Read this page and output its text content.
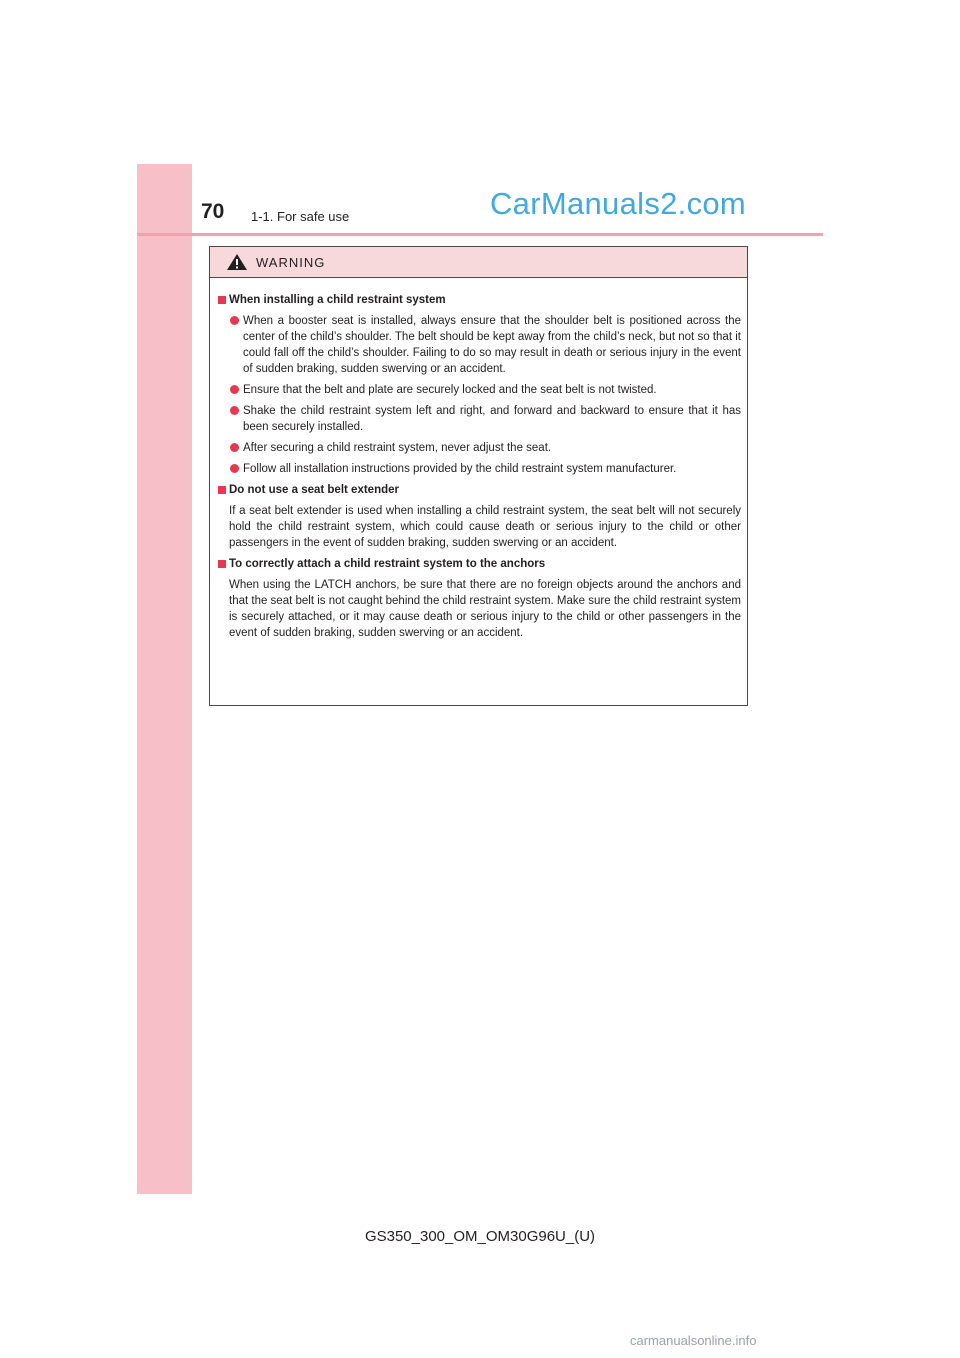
70 1-1. For safe use	CarManuals2.com
WARNING
When installing a child restraint system
When a booster seat is installed, always ensure that the shoulder belt is positioned across the center of the child’s shoulder. The belt should be kept away from the child’s neck, but not so that it could fall off the child’s shoulder. Failing to do so may result in death or serious injury in the event of sudden braking, sudden swerving or an accident.
Ensure that the belt and plate are securely locked and the seat belt is not twisted.
Shake the child restraint system left and right, and forward and backward to ensure that it has been securely installed.
After securing a child restraint system, never adjust the seat.
Follow all installation instructions provided by the child restraint system manufacturer.
Do not use a seat belt extender
If a seat belt extender is used when installing a child restraint system, the seat belt will not securely hold the child restraint system, which could cause death or serious injury to the child or other passengers in the event of sudden braking, sudden swerving or an accident.
To correctly attach a child restraint system to the anchors
When using the LATCH anchors, be sure that there are no foreign objects around the anchors and that the seat belt is not caught behind the child restraint system. Make sure the child restraint system is securely attached, or it may cause death or serious injury to the child or other passengers in the event of sudden braking, sudden swerving or an accident.
GS350_300_OM_OM30G96U_(U)
carmanualsonline.info
